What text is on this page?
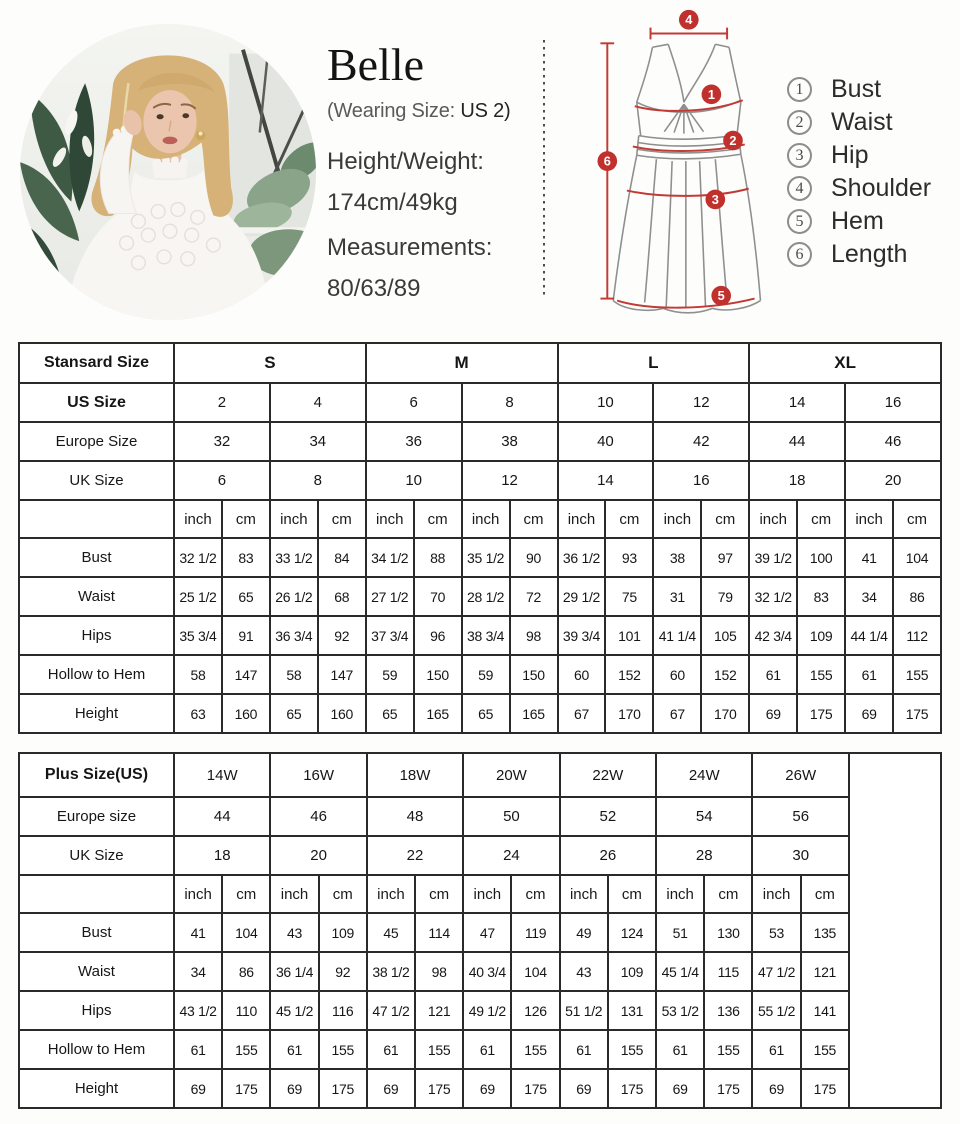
Belle
(Wearing Size: US 2)
Height/Weight:
174cm/49kg
Measurements:
80/63/89
4
6
1
2
3
5
1	Bust
2	Waist
3	Hip
4	Shoulder
5	Hem
6	Length
Stansard Size	S				M				L				XL			
US Size	2		4		6		8		10		12		14		16	
Europe Size	32		34		36		38		40		42		44		46	
UK Size	6		8		10		12		14		16		18		20	
	inch	cm	inch	cm	inch	cm	inch	cm	inch	cm	inch	cm	inch	cm	inch	cm
Bust	32 1/2	83	33 1/2	84	34 1/2	88	35 1/2	90	36 1/2	93	38	97	39 1/2	100	41	104
Waist	25 1/2	65	26 1/2	68	27 1/2	70	28 1/2	72	29 1/2	75	31	79	32 1/2	83	34	86
Hips	35 3/4	91	36 3/4	92	37 3/4	96	38 3/4	98	39 3/4	101	41 1/4	105	42 3/4	109	44 1/4	112
Hollow to Hem	58	147	58	147	59	150	59	150	60	152	60	152	61	155	61	155
Height	63	160	65	160	65	165	65	165	67	170	67	170	69	175	69	175
Plus Size(US)	14W		16W		18W		20W		22W		24W		26W		
Europe size	44		46		48		50		52		54		56		
UK Size	18		20		22		24		26		28		30		
	inch	cm	inch	cm	inch	cm	inch	cm	inch	cm	inch	cm	inch	cm	
Bust	41	104	43	109	45	114	47	119	49	124	51	130	53	135	
Waist	34	86	36 1/4	92	38 1/2	98	40 3/4	104	43	109	45 1/4	115	47 1/2	121	
Hips	43 1/2	110	45 1/2	116	47 1/2	121	49 1/2	126	51 1/2	131	53 1/2	136	55 1/2	141	
Hollow to Hem	61	155	61	155	61	155	61	155	61	155	61	155	61	155	
Height	69	175	69	175	69	175	69	175	69	175	69	175	69	175	
